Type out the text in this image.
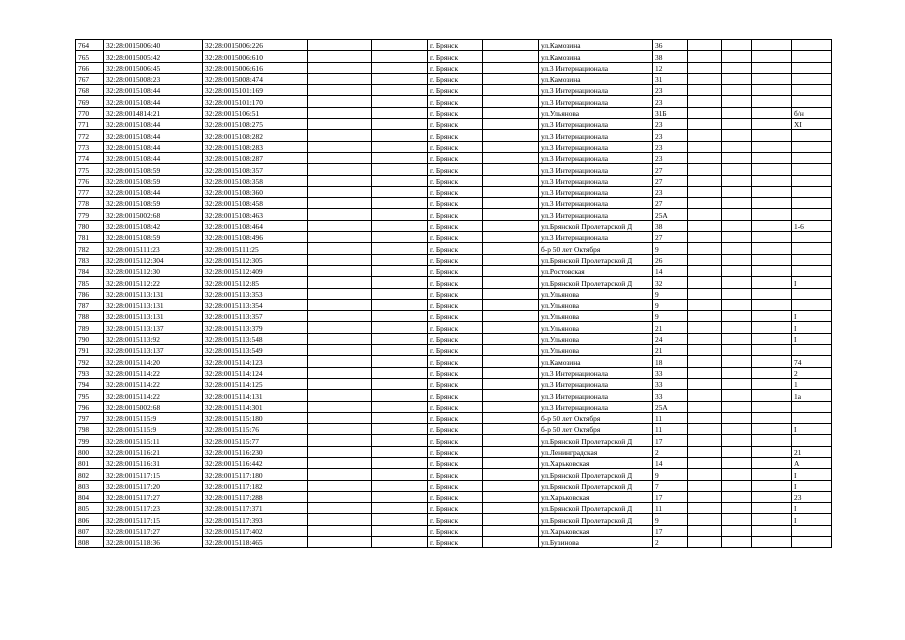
764	32:28:0015006:40	32:28:0015006:226			г. Брянск		ул.Камозина	36				
765	32:28:0015005:42	32:28:0015006:610			г. Брянск		ул.Камозина	38				
766	32:28:0015006:45	32:28:0015006:616			г. Брянск		ул.3 Интернационала	12				
767	32:28:0015008:23	32:28:0015008:474			г. Брянск		ул.Камозина	31				
768	32:28:0015108:44	32:28:0015101:169			г. Брянск		ул.3 Интернационала	23				
769	32:28:0015108:44	32:28:0015101:170			г. Брянск		ул.3 Интернационала	23				
770	32:28:0014814:21	32:28:0015106:51			г. Брянск		ул.Ульянова	31Б				б/н
771	32:28:0015108:44	32:28:0015108:275			г. Брянск		ул.3 Интернационала	23				XI
772	32:28:0015108:44	32:28:0015108:282			г. Брянск		ул.3 Интернационала	23				
773	32:28:0015108:44	32:28:0015108:283			г. Брянск		ул.3 Интернационала	23				
774	32:28:0015108:44	32:28:0015108:287			г. Брянск		ул.3 Интернационала	23				
775	32:28:0015108:59	32:28:0015108:357			г. Брянск		ул.3 Интернационала	27				
776	32:28:0015108:59	32:28:0015108:358			г. Брянск		ул.3 Интернационала	27				
777	32:28:0015108:44	32:28:0015108:360			г. Брянск		ул.3 Интернационала	23				
778	32:28:0015108:59	32:28:0015108:458			г. Брянск		ул.3 Интернационала	27				
779	32:28:0015002:68	32:28:0015108:463			г. Брянск		ул.3 Интернационала	25А				
780	32:28:0015108:42	32:28:0015108:464			г. Брянск		ул.Брянской Пролетарской Д	38				1-6
781	32:28:0015108:59	32:28:0015108:496			г. Брянск		ул.3 Интернационала	27				
782	32:28:0015111:23	32:28:0015111:25			г. Брянск		б-р 50 лет Октября	9				
783	32:28:0015112:304	32:28:0015112:305			г. Брянск		ул.Брянской Пролетарской Д	26				
784	32:28:0015112:30	32:28:0015112:409			г. Брянск		ул.Ростовская	14				
785	32:28:0015112:22	32:28:0015112:85			г. Брянск		ул.Брянской Пролетарской Д	32				I
786	32:28:0015113:131	32:28:0015113:353			г. Брянск		ул.Ульянова	9				
787	32:28:0015113:131	32:28:0015113:354			г. Брянск		ул.Ульянова	9				
788	32:28:0015113:131	32:28:0015113:357			г. Брянск		ул.Ульянова	9				I
789	32:28:0015113:137	32:28:0015113:379			г. Брянск		ул.Ульянова	21				I
790	32:28:0015113:92	32:28:0015113:548			г. Брянск		ул.Ульянова	24				I
791	32:28:0015113:137	32:28:0015113:549			г. Брянск		ул.Ульянова	21				
792	32:28:0015114:20	32:28:0015114:123			г. Брянск		ул.Камозина	18				74
793	32:28:0015114:22	32:28:0015114:124			г. Брянск		ул.3 Интернационала	33				2
794	32:28:0015114:22	32:28:0015114:125			г. Брянск		ул.3 Интернационала	33				1
795	32:28:0015114:22	32:28:0015114:131			г. Брянск		ул.3 Интернационала	33				1а
796	32:28:0015002:68	32:28:0015114:301			г. Брянск		ул.3 Интернационала	25А				
797	32:28:0015115:9	32:28:0015115:180			г. Брянск		б-р 50 лет Октября	11				
798	32:28:0015115:9	32:28:0015115:76			г. Брянск		б-р 50 лет Октября	11				I
799	32:28:0015115:11	32:28:0015115:77			г. Брянск		ул.Брянской Пролетарской Д	17				
800	32:28:0015116:21	32:28:0015116:230			г. Брянск		ул.Ленинградская	2				21
801	32:28:0015116:31	32:28:0015116:442			г. Брянск		ул.Харьковская	14				А
802	32:28:0015117:15	32:28:0015117:180			г. Брянск		ул.Брянской Пролетарской Д	9				I
803	32:28:0015117:20	32:28:0015117:182			г. Брянск		ул.Брянской Пролетарской Д	7				I
804	32:28:0015117:27	32:28:0015117:288			г. Брянск		ул.Харьковская	17				23
805	32:28:0015117:23	32:28:0015117:371			г. Брянск		ул.Брянской Пролетарской Д	11				I
806	32:28:0015117:15	32:28:0015117:393			г. Брянск		ул.Брянской Пролетарской Д	9				I
807	32:28:0015117:27	32:28:0015117:402			г. Брянск		ул.Харьковская	17				
808	32:28:0015118:36	32:28:0015118:465			г. Брянск		ул.Бузинова	2				
